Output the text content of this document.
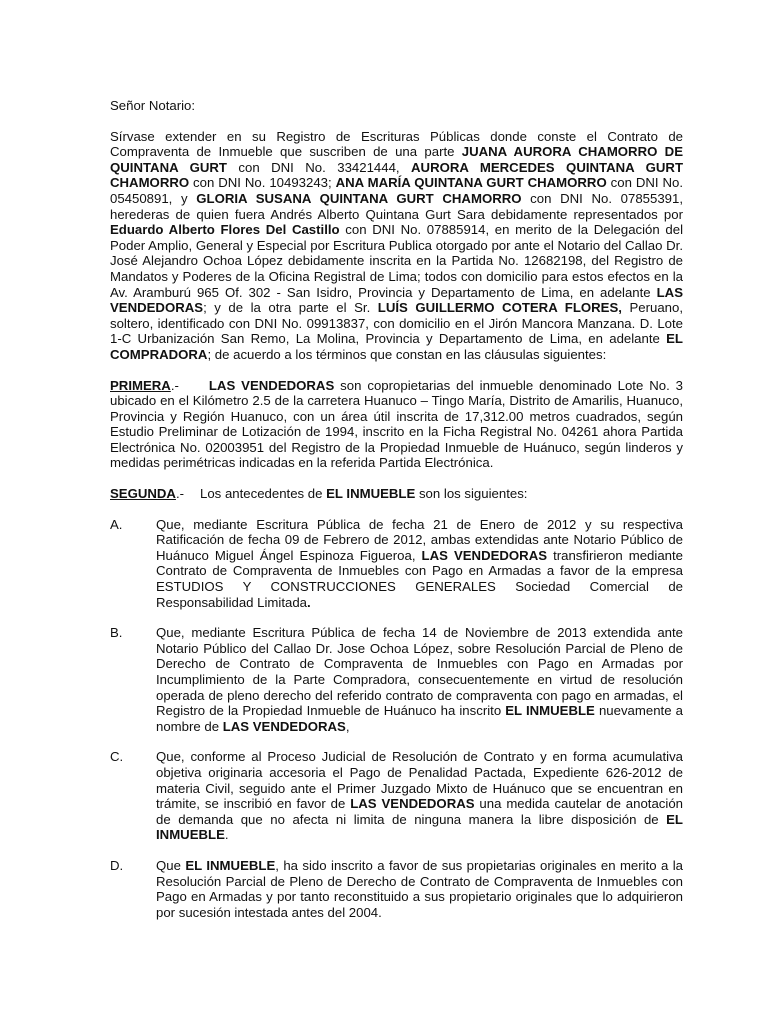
Señor Notario:

Sírvase extender en su Registro de Escrituras Públicas donde conste el Contrato de Compraventa de Inmueble que suscriben de una parte JUANA AURORA CHAMORRO DE QUINTANA GURT con DNI No. 33421444, AURORA MERCEDES QUINTANA GURT CHAMORRO con DNI No. 10493243; ANA MARÍA QUINTANA GURT CHAMORRO con DNI No. 05450891, y GLORIA SUSANA QUINTANA GURT CHAMORRO con DNI No. 07855391, herederas de quien fuera Andrés Alberto Quintana Gurt Sara debidamente representados por Eduardo Alberto Flores Del Castillo con DNI No. 07885914, en merito de la Delegación del Poder Amplio, General y Especial por Escritura Publica otorgado por ante el Notario del Callao Dr. José Alejandro Ochoa López debidamente inscrita en la Partida No. 12682198, del Registro de Mandatos y Poderes de la Oficina Registral de Lima; todos con domicilio para estos efectos en la Av. Aramburú 965 Of. 302 - San Isidro, Provincia y Departamento de Lima, en adelante LAS VENDEDORAS; y de la otra parte el Sr. LUÍS GUILLERMO COTERA FLORES, Peruano, soltero, identificado con DNI No. 09913837, con domicilio en el Jirón Mancora Manzana. D. Lote 1-C Urbanización San Remo, La Molina, Provincia y Departamento de Lima, en adelante EL COMPRADORA; de acuerdo a los términos que constan en las cláusulas siguientes:

PRIMERA.- LAS VENDEDORAS son copropietarias del inmueble denominado Lote No. 3 ubicado en el Kilómetro 2.5 de la carretera Huanuco – Tingo María, Distrito de Amarilis, Huanuco, Provincia y Región Huanuco, con un área útil inscrita de 17,312.00 metros cuadrados, según Estudio Preliminar de Lotización de 1994, inscrito en la Ficha Registral No. 04261 ahora Partida Electrónica No. 02003951 del Registro de la Propiedad Inmueble de Huánuco, según linderos y medidas perimétricas indicadas en la referida Partida Electrónica.

SEGUNDA.- Los antecedentes de EL INMUEBLE son los siguientes:

A.	Que, mediante Escritura Pública de fecha 21 de Enero de 2012 y su respectiva Ratificación de fecha 09 de Febrero de 2012, ambas extendidas ante Notario Público de Huánuco Miguel Ángel Espinoza Figueroa, LAS VENDEDORAS transfirieron mediante Contrato de Compraventa de Inmuebles con Pago en Armadas a favor de la empresa ESTUDIOS Y CONSTRUCCIONES GENERALES Sociedad Comercial de Responsabilidad Limitada.
B.	Que, mediante Escritura Pública de fecha 14 de Noviembre de 2013 extendida ante Notario Público del Callao Dr. Jose Ochoa López, sobre Resolución Parcial de Pleno de Derecho de Contrato de Compraventa de Inmuebles con Pago en Armadas por Incumplimiento de la Parte Compradora, consecuentemente en virtud de resolución operada de pleno derecho del referido contrato de compraventa con pago en armadas, el Registro de la Propiedad Inmueble de Huánuco ha inscrito EL INMUEBLE nuevamente a nombre de LAS VENDEDORAS,
C.	Que, conforme al Proceso Judicial de Resolución de Contrato y en forma acumulativa objetiva originaria accesoria el Pago de Penalidad Pactada, Expediente 626-2012 de materia Civil, seguido ante el Primer Juzgado Mixto de Huánuco que se encuentran en trámite, se inscribió en favor de LAS VENDEDORAS una medida cautelar de anotación de demanda que no afecta ni limita de ninguna manera la libre disposición de EL INMUEBLE.
D.	Que EL INMUEBLE, ha sido inscrito a favor de sus propietarias originales en merito a la Resolución Parcial de Pleno de Derecho de Contrato de Compraventa de Inmuebles con Pago en Armadas y por tanto reconstituido a sus propietario originales que lo adquirieron por sucesión intestada antes del 2004.
